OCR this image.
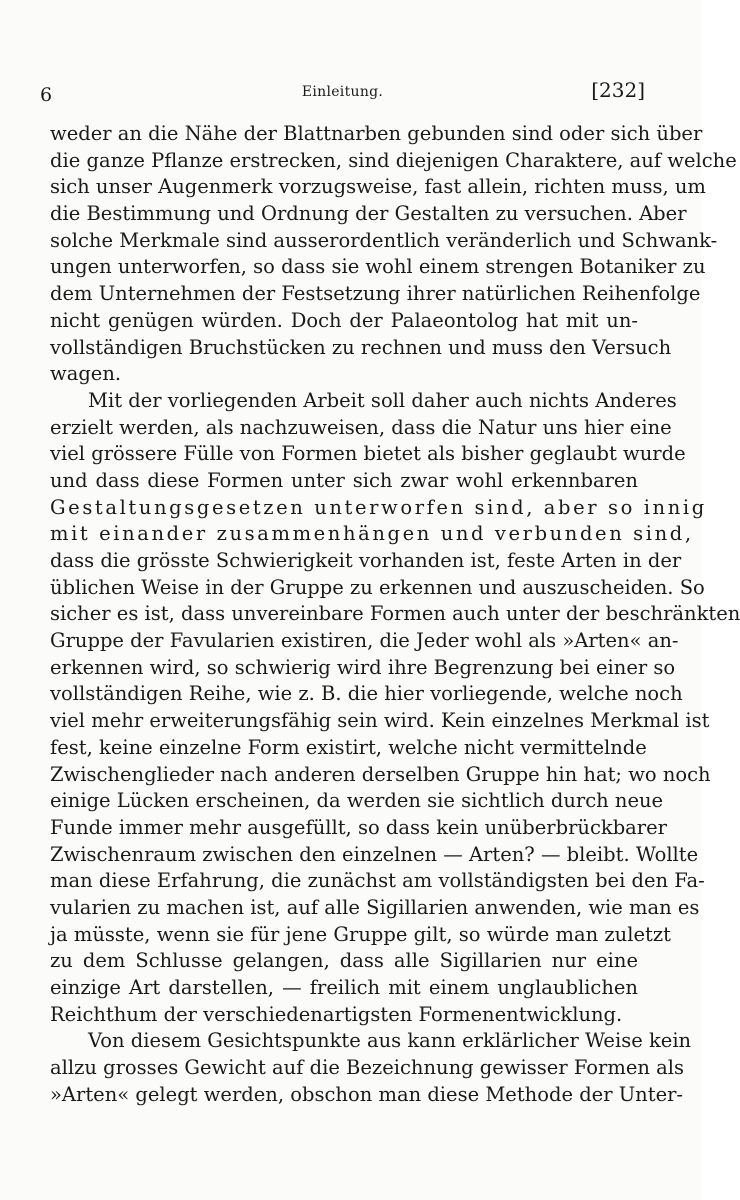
6	Einleitung.	[232]
weder an die Nähe der Blattnarben gebunden sind oder sich über
die ganze Pflanze erstrecken, sind diejenigen Charaktere, auf welche
sich unser Augenmerk vorzugsweise, fast allein, richten muss, um
die Bestimmung und Ordnung der Gestalten zu versuchen. Aber
solche Merkmale sind ausserordentlich veränderlich und Schwank-
ungen unterworfen, so dass sie wohl einem strengen Botaniker zu
dem Unternehmen der Festsetzung ihrer natürlichen Reihenfolge
nicht genügen würden. Doch der Palaeontolog hat mit un-
vollständigen Bruchstücken zu rechnen und muss den Versuch
wagen.
Mit der vorliegenden Arbeit soll daher auch nichts Anderes
erzielt werden, als nachzuweisen, dass die Natur uns hier eine
viel grössere Fülle von Formen bietet als bisher geglaubt wurde
und dass diese Formen unter sich zwar wohl erkennbaren
Gestaltungsgesetzen unterworfen sind, aber so innig
mit einander zusammenhängen und verbunden sind,
dass die grösste Schwierigkeit vorhanden ist, feste Arten in der
üblichen Weise in der Gruppe zu erkennen und auszuscheiden. So
sicher es ist, dass unvereinbare Formen auch unter der beschränkten
Gruppe der Favularien existiren, die Jeder wohl als »Arten« an-
erkennen wird, so schwierig wird ihre Begrenzung bei einer so
vollständigen Reihe, wie z. B. die hier vorliegende, welche noch
viel mehr erweiterungsfähig sein wird. Kein einzelnes Merkmal ist
fest, keine einzelne Form existirt, welche nicht vermittelnde
Zwischenglieder nach anderen derselben Gruppe hin hat; wo noch
einige Lücken erscheinen, da werden sie sichtlich durch neue
Funde immer mehr ausgefüllt, so dass kein unüberbrückbarer
Zwischenraum zwischen den einzelnen — Arten? — bleibt. Wollte
man diese Erfahrung, die zunächst am vollständigsten bei den Fa-
vularien zu machen ist, auf alle Sigillarien anwenden, wie man es
ja müsste, wenn sie für jene Gruppe gilt, so würde man zuletzt
zu dem Schlusse gelangen, dass alle Sigillarien nur eine
einzige Art darstellen, — freilich mit einem unglaublichen
Reichthum der verschiedenartigsten Formenentwicklung.
Von diesem Gesichtspunkte aus kann erklärlicher Weise kein
allzu grosses Gewicht auf die Bezeichnung gewisser Formen als
»Arten« gelegt werden, obschon man diese Methode der Unter-
